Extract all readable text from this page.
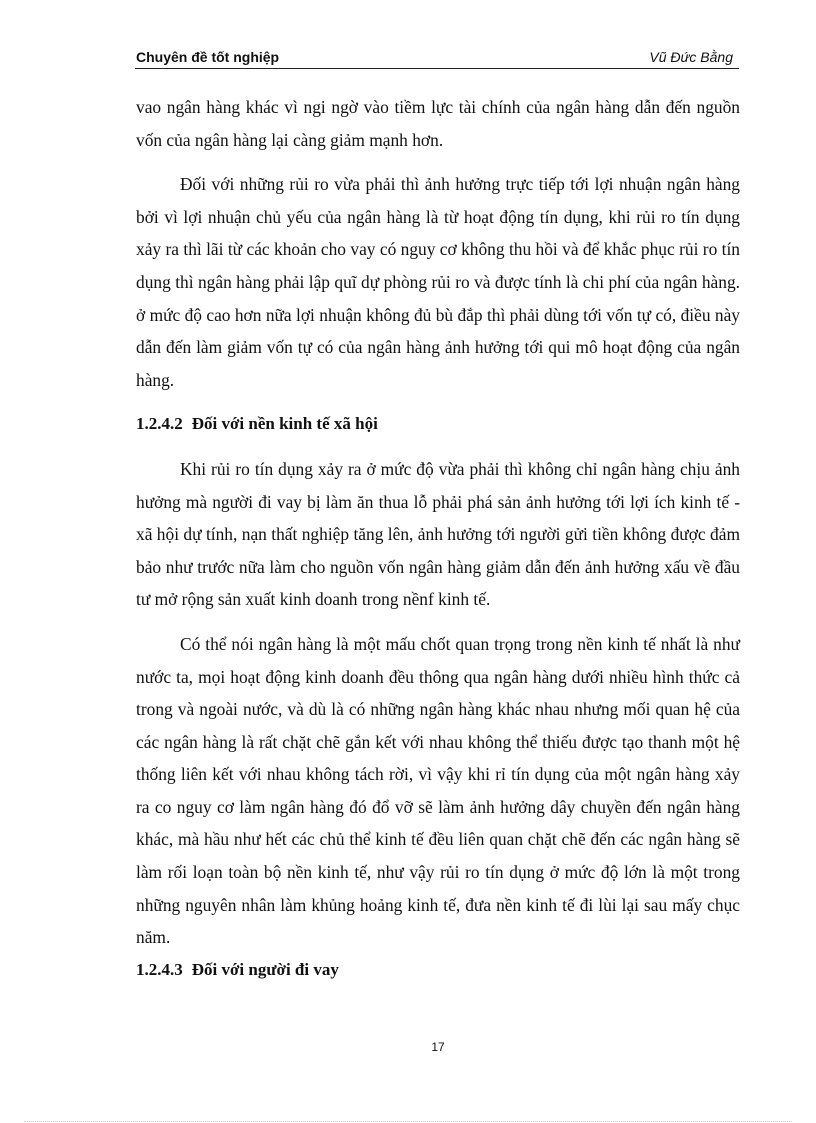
Chuyên đề tốt nghiệp	Vũ Đức Bằng

vao ngân hàng khác vì ngi ngờ vào tiềm lực tài chính của ngân hàng dẫn đến nguồn vốn của ngân hàng lại càng giảm mạnh hơn.

Đối với những rủi ro vừa phải thì ảnh hưởng trực tiếp tới lợi nhuận ngân hàng bởi vì lợi nhuận chủ yếu của ngân hàng là từ hoạt động tín dụng, khi rủi ro tín dụng xảy ra thì lãi từ các khoản cho vay có nguy cơ không thu hồi và để khắc phục rủi ro tín dụng thì ngân hàng phải lập quĩ dự phòng rủi ro và được tính là chi phí của ngân hàng. ở mức độ cao hơn nữa lợi nhuận không đủ bù đắp thì phải dùng tới vốn tự có, điều này dẫn đến làm giảm vốn tự có của ngân hàng ảnh hưởng tới qui mô hoạt động của ngân hàng.

1.2.4.2 Đối với nền kinh tế xã hội

Khi rủi ro tín dụng xảy ra ở mức độ vừa phải thì không chỉ ngân hàng chịu ảnh hưởng mà người đi vay bị làm ăn thua lỗ phải phá sản ảnh hưởng tới lợi ích kinh tế - xã hội dự tính, nạn thất nghiệp tăng lên, ảnh hưởng tới người gửi tiền không được đảm bảo như trước nữa làm cho nguồn vốn ngân hàng giảm dẫn đến ảnh hưởng xấu về đầu tư mở rộng sản xuất kinh doanh trong nềnf kinh tế.

Có thể nói ngân hàng là một mấu chốt quan trọng trong nền kinh tế nhất là như nước ta, mọi hoạt động kinh doanh đều thông qua ngân hàng dưới nhiều hình thức cả trong và ngoài nước, và dù là có những ngân hàng khác nhau nhưng mối quan hệ của các ngân hàng là rất chặt chẽ gắn kết với nhau không thể thiếu được tạo thanh một hệ thống liên kết với nhau không tách rời, vì vậy khi rỉ tín dụng của một ngân hàng xảy ra co nguy cơ làm ngân hàng đó đổ vỡ sẽ làm ảnh hưởng dây chuyền đến ngân hàng khác, mà hầu như hết các chủ thể kinh tế đều liên quan chặt chẽ đến các ngân hàng sẽ làm rối loạn toàn bộ nền kinh tế, như vậy rủi ro tín dụng ở mức độ lớn là một trong những nguyên nhân làm khủng hoảng kinh tế, đưa nền kinh tế đi lùi lại sau mấy chục năm.

1.2.4.3 Đối với người đi vay

17
